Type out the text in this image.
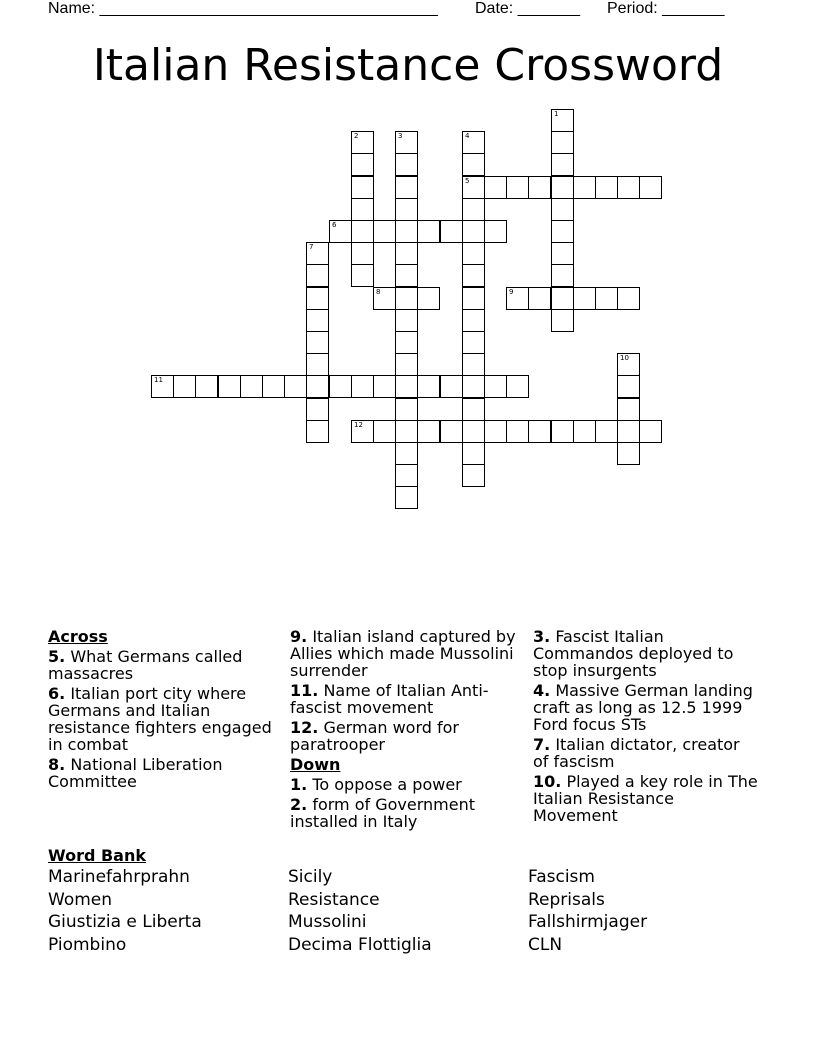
Name: ______________________________________ Date: _______ Period: _______
Italian Resistance Crossword
1
2	3	4
5
6
7
8	9
10
11
12
Across
5. What Germans called massacres
6. Italian port city where Germans and Italian resistance fighters engaged in combat
8. National Liberation Committee
9. Italian island captured by Allies which made Mussolini surrender
11. Name of Italian Anti-fascist movement
12. German word for paratrooper
Down
1. To oppose a power
2. form of Government installed in Italy
3. Fascist Italian Commandos deployed to stop insurgents
4. Massive German landing craft as long as 12.5 1999 Ford focus STs
7. Italian dictator, creator of fascism
10. Played a key role in The Italian Resistance Movement
Word Bank
Marinefahrprahn	Sicily	Fascism
Women	Resistance	Reprisals
Giustizia e Liberta	Mussolini	Fallshirmjager
Piombino	Decima Flottiglia	CLN
